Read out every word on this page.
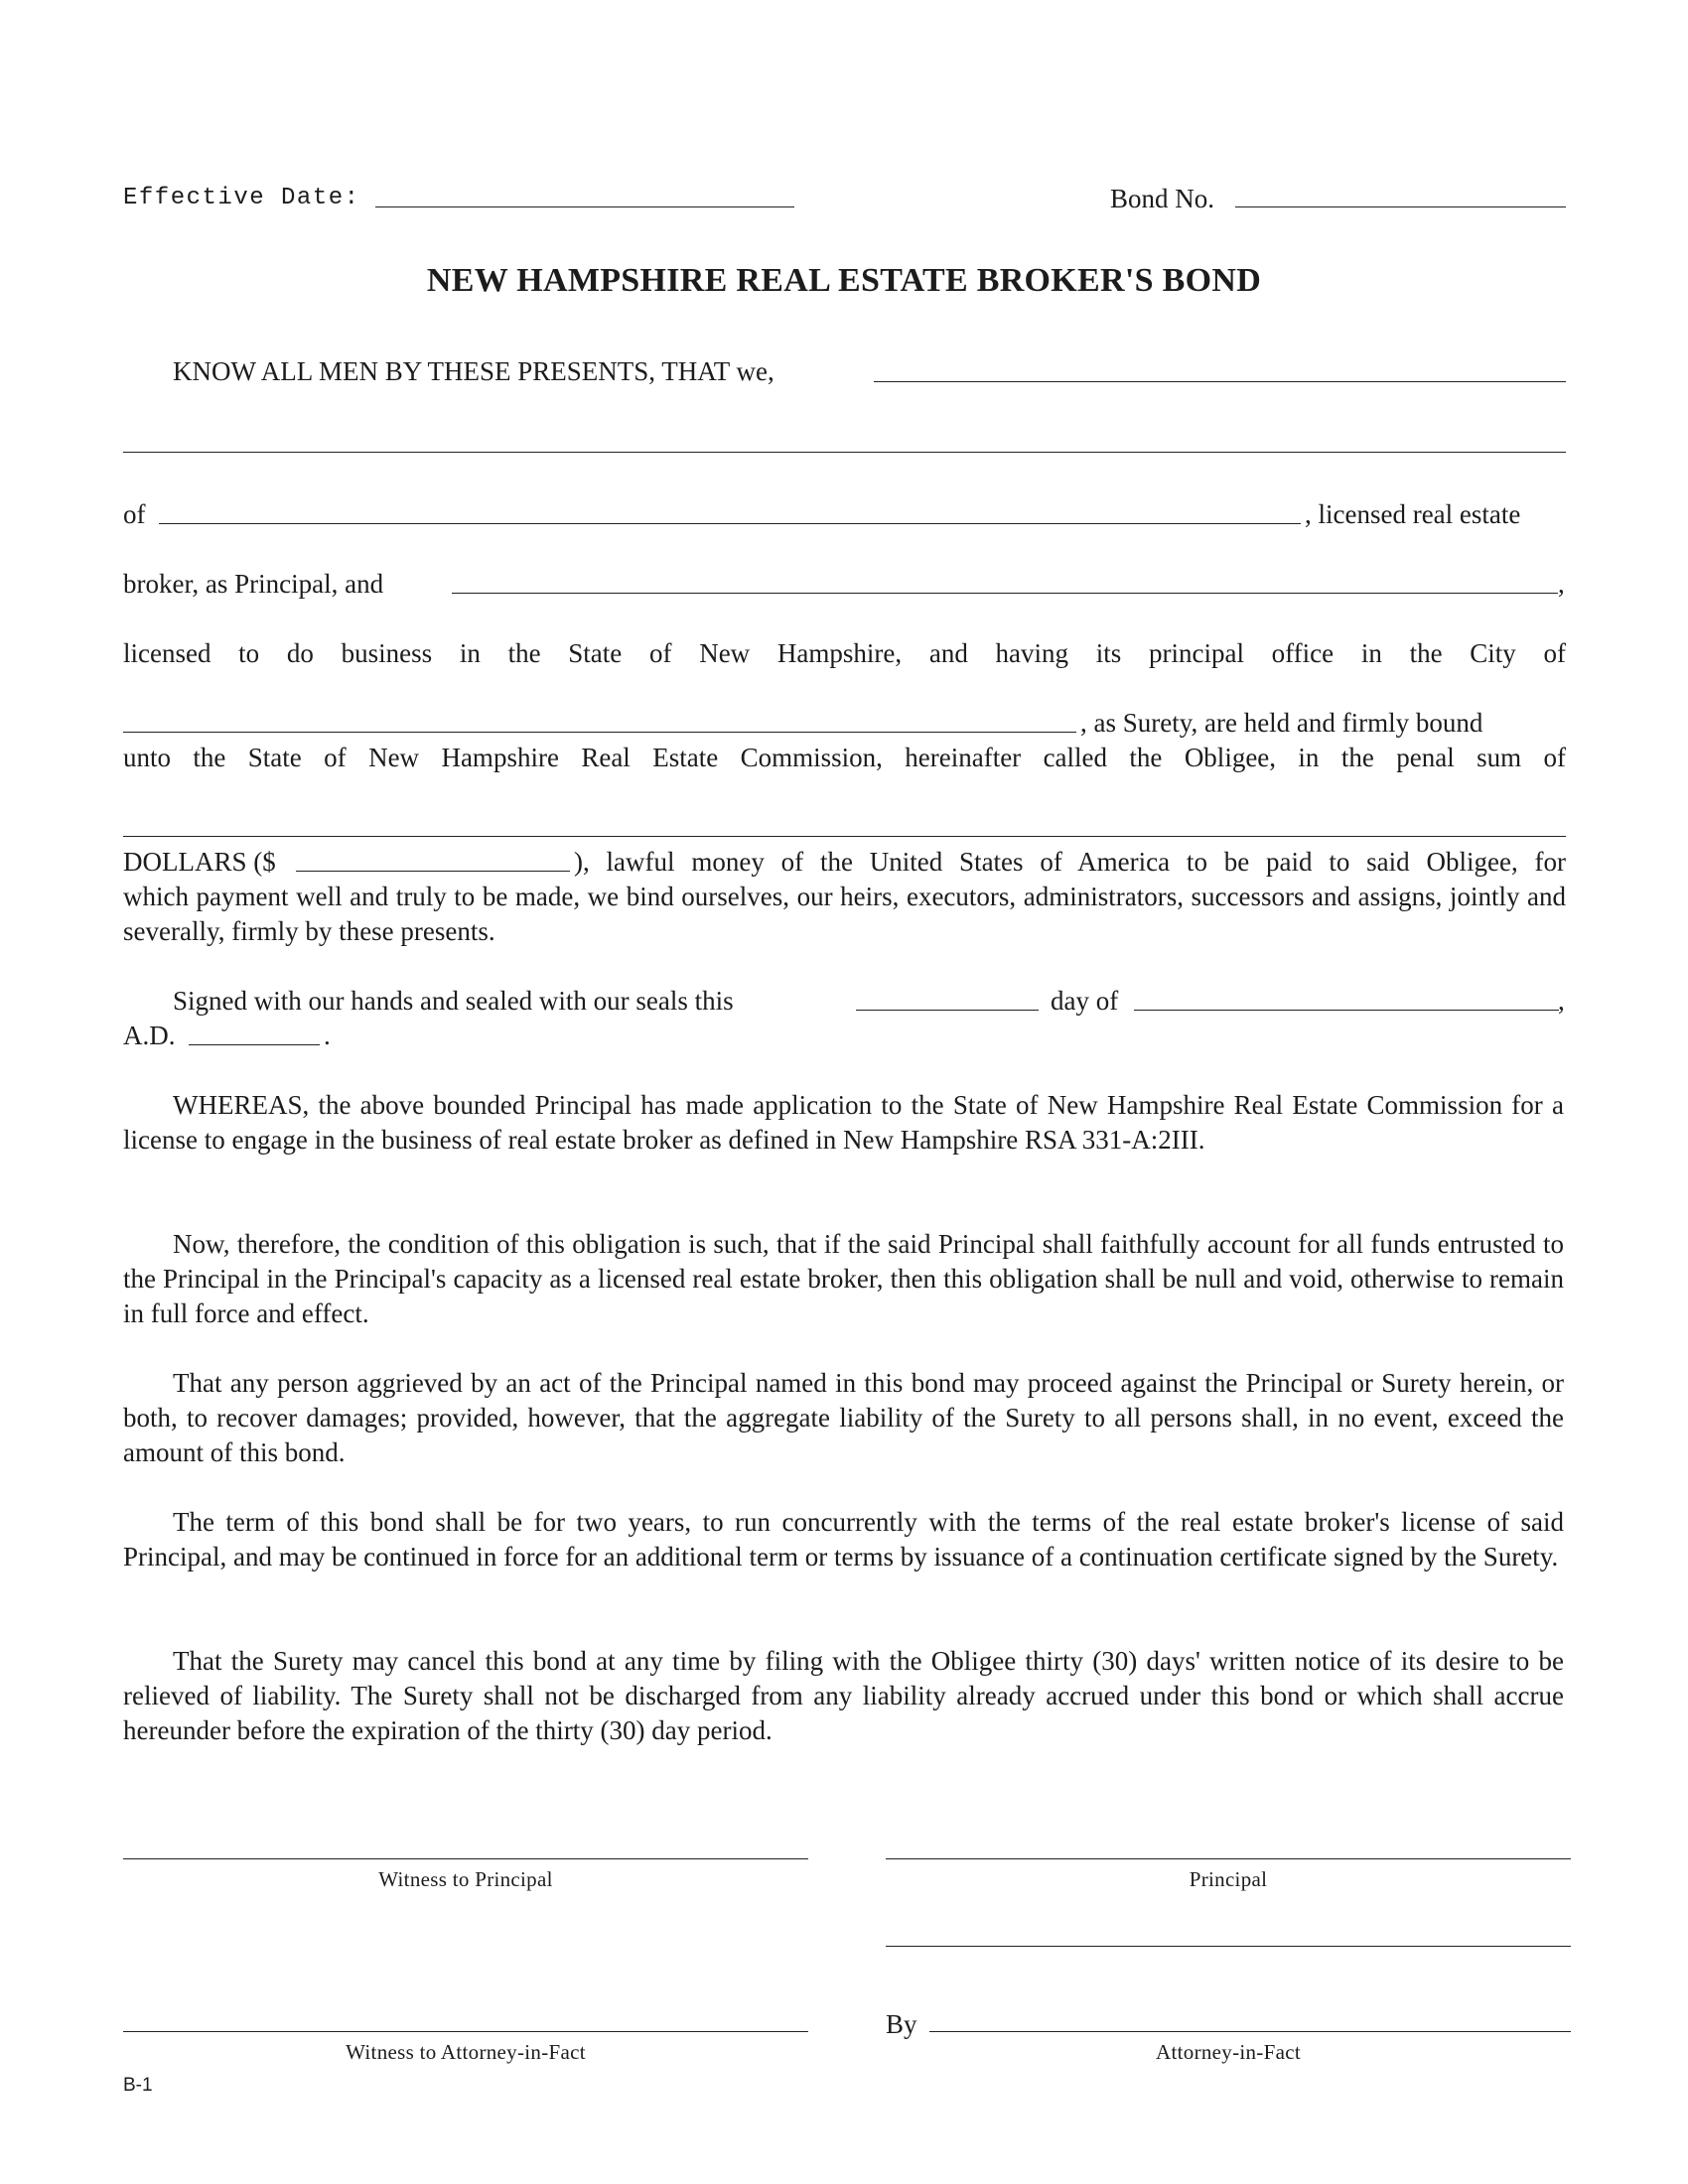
Effective Date:	Bond No.
NEW HAMPSHIRE REAL ESTATE BROKER'S BOND
KNOW ALL MEN BY THESE PRESENTS, THAT we,
of	, licensed real estate
broker, as Principal, and	,
licensed to do business in the State of New Hampshire, and having its principal office in the City of
, as Surety, are held and firmly bound
unto the State of New Hampshire Real Estate Commission, hereinafter called the Obligee, in the penal sum of
DOLLARS ($	), lawful money of the United States of America to be paid to said Obligee, for
which payment well and truly to be made, we bind ourselves, our heirs, executors, administrators, successors and assigns, jointly and severally, firmly by these presents.
Signed with our hands and sealed with our seals this	day of	,
A.D.	.

WHEREAS, the above bounded Principal has made application to the State of New Hampshire Real Estate Commission for a license to engage in the business of real estate broker as defined in New Hampshire RSA 331-A:2III.

Now, therefore, the condition of this obligation is such, that if the said Principal shall faithfully account for all funds entrusted to the Principal in the Principal's capacity as a licensed real estate broker, then this obligation shall be null and void, otherwise to remain in full force and effect.

That any person aggrieved by an act of the Principal named in this bond may proceed against the Principal or Surety herein, or both, to recover damages; provided, however, that the aggregate liability of the Surety to all persons shall, in no event, exceed the amount of this bond.

The term of this bond shall be for two years, to run concurrently with the terms of the real estate broker's license of said Principal, and may be continued in force for an additional term or terms by issuance of a continuation certificate signed by the Surety.

That the Surety may cancel this bond at any time by filing with the Obligee thirty (30) days' written notice of its desire to be relieved of liability. The Surety shall not be discharged from any liability already accrued under this bond or which shall accrue hereunder before the expiration of the thirty (30) day period.

Witness to Principal	Principal
Witness to Attorney-in-Fact
By
Attorney-in-Fact
B-1
